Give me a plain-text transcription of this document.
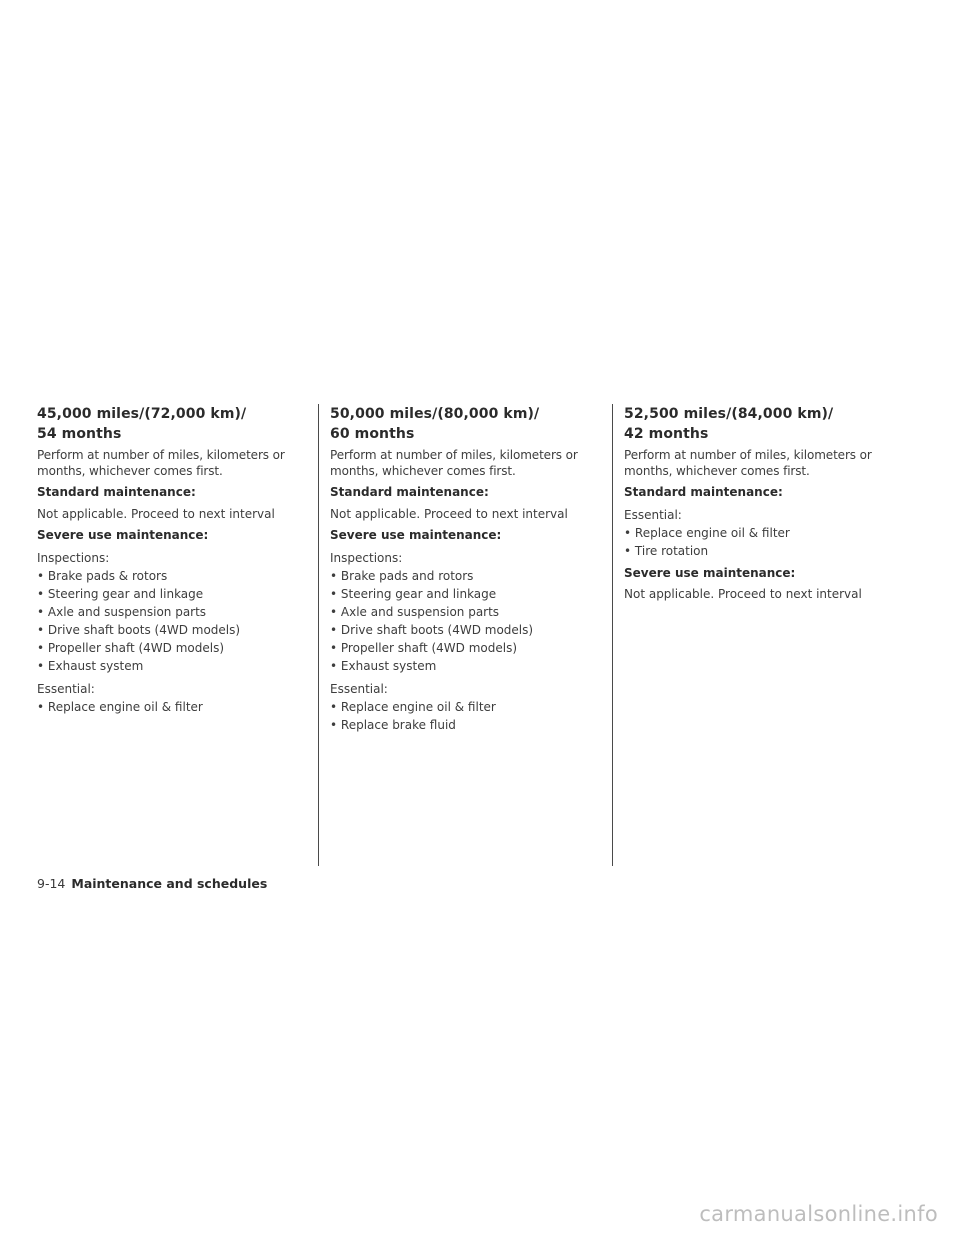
45,000 miles/(72,000 km)/
54 months

Perform at number of miles, kilometers or months, whichever comes first.

Standard maintenance:

Not applicable. Proceed to next interval

Severe use maintenance:

Inspections:

• Brake pads & rotors
• Steering gear and linkage
• Axle and suspension parts
• Drive shaft boots (4WD models)
• Propeller shaft (4WD models)
• Exhaust system

Essential:

• Replace engine oil & filter
50,000 miles/(80,000 km)/
60 months

Perform at number of miles, kilometers or months, whichever comes first.

Standard maintenance:

Not applicable. Proceed to next interval

Severe use maintenance:

Inspections:

• Brake pads and rotors
• Steering gear and linkage
• Axle and suspension parts
• Drive shaft boots (4WD models)
• Propeller shaft (4WD models)
• Exhaust system

Essential:

• Replace engine oil & filter
• Replace brake fluid
52,500 miles/(84,000 km)/
42 months

Perform at number of miles, kilometers or months, whichever comes first.

Standard maintenance:

Essential:

• Replace engine oil & filter
• Tire rotation

Severe use maintenance:

Not applicable. Proceed to next interval

9-14 Maintenance and schedules
carmanualsonline.info
